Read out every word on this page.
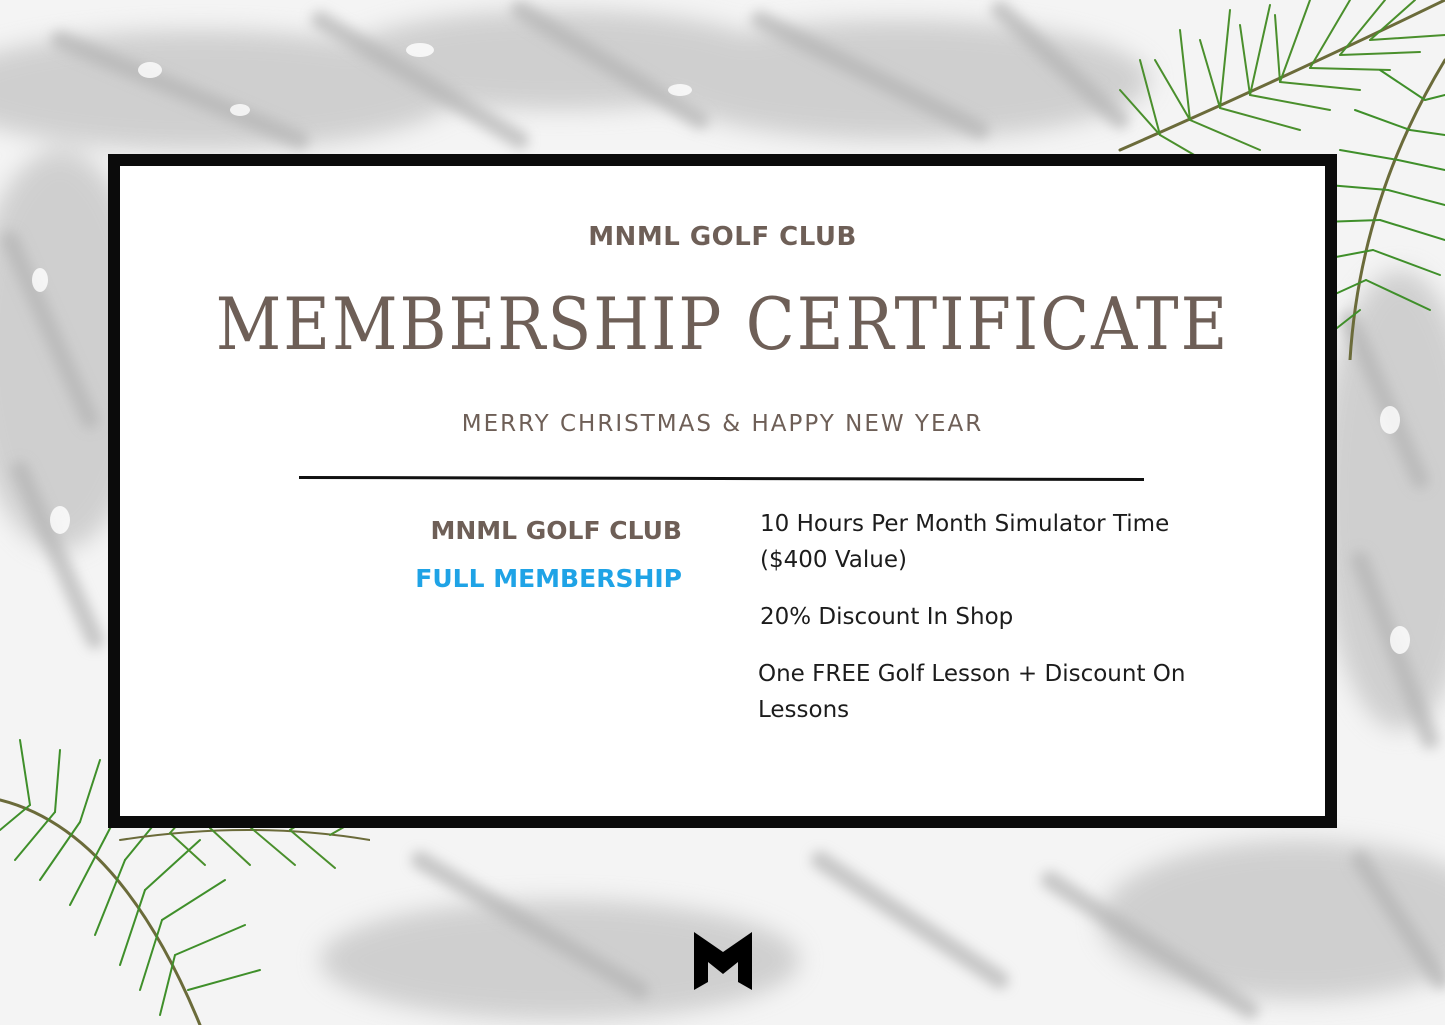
MNML GOLF CLUB
MEMBERSHIP CERTIFICATE
MERRY CHRISTMAS & HAPPY NEW YEAR
MNML GOLF CLUB
FULL MEMBERSHIP
10 Hours Per Month Simulator Time ($400 Value)
20% Discount In Shop
One FREE Golf Lesson + Discount On Lessons
